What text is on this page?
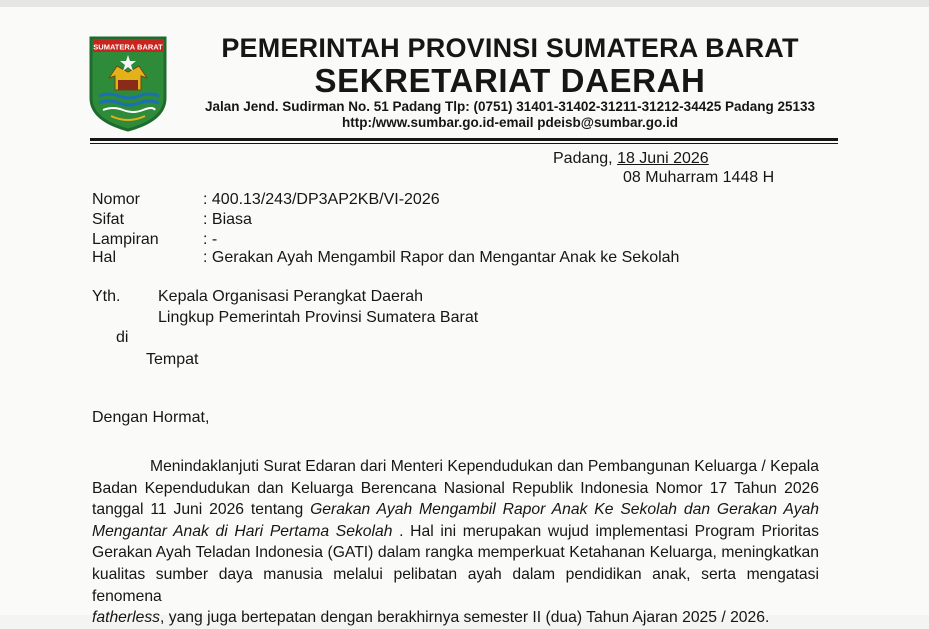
SUMATERA BARAT	PEMERINTAH PROVINSI SUMATERA BARAT
SEKRETARIAT DAERAH
Jalan Jend. Sudirman No. 51 Padang Tlp: (0751) 31401-31402-31211-31212-34425 Padang 25133
http:/www.sumbar.go.id-email pdeisb@sumbar.go.id
Padang, 18 Juni 2026
08 Muharram 1448 H
Nomor	: 400.13/243/DP3AP2KB/VI-2026
Sifat	: Biasa
Lampiran	: -
Hal	: Gerakan Ayah Mengambil Rapor dan Mengantar Anak ke Sekolah
Yth. Kepala Organisasi Perangkat Daerah
Lingkup Pemerintah Provinsi Sumatera Barat
di
Tempat
Dengan Hormat,
Menindaklanjuti Surat Edaran dari Menteri Kependudukan dan Pembangunan Keluarga / Kepala
Badan Kependudukan dan Keluarga Berencana Nasional Republik Indonesia Nomor 17 Tahun 2026
tanggal 11 Juni 2026 tentang Gerakan Ayah Mengambil Rapor Anak Ke Sekolah dan Gerakan Ayah
Mengantar Anak di Hari Pertama Sekolah . Hal ini merupakan wujud implementasi Program Prioritas
Gerakan Ayah Teladan Indonesia (GATI) dalam rangka memperkuat Ketahanan Keluarga, meningkatkan
kualitas sumber daya manusia melalui pelibatan ayah dalam pendidikan anak, serta mengatasi fenomena
fatherless, yang juga bertepatan dengan berakhirnya semester II (dua) Tahun Ajaran 2025 / 2026.
